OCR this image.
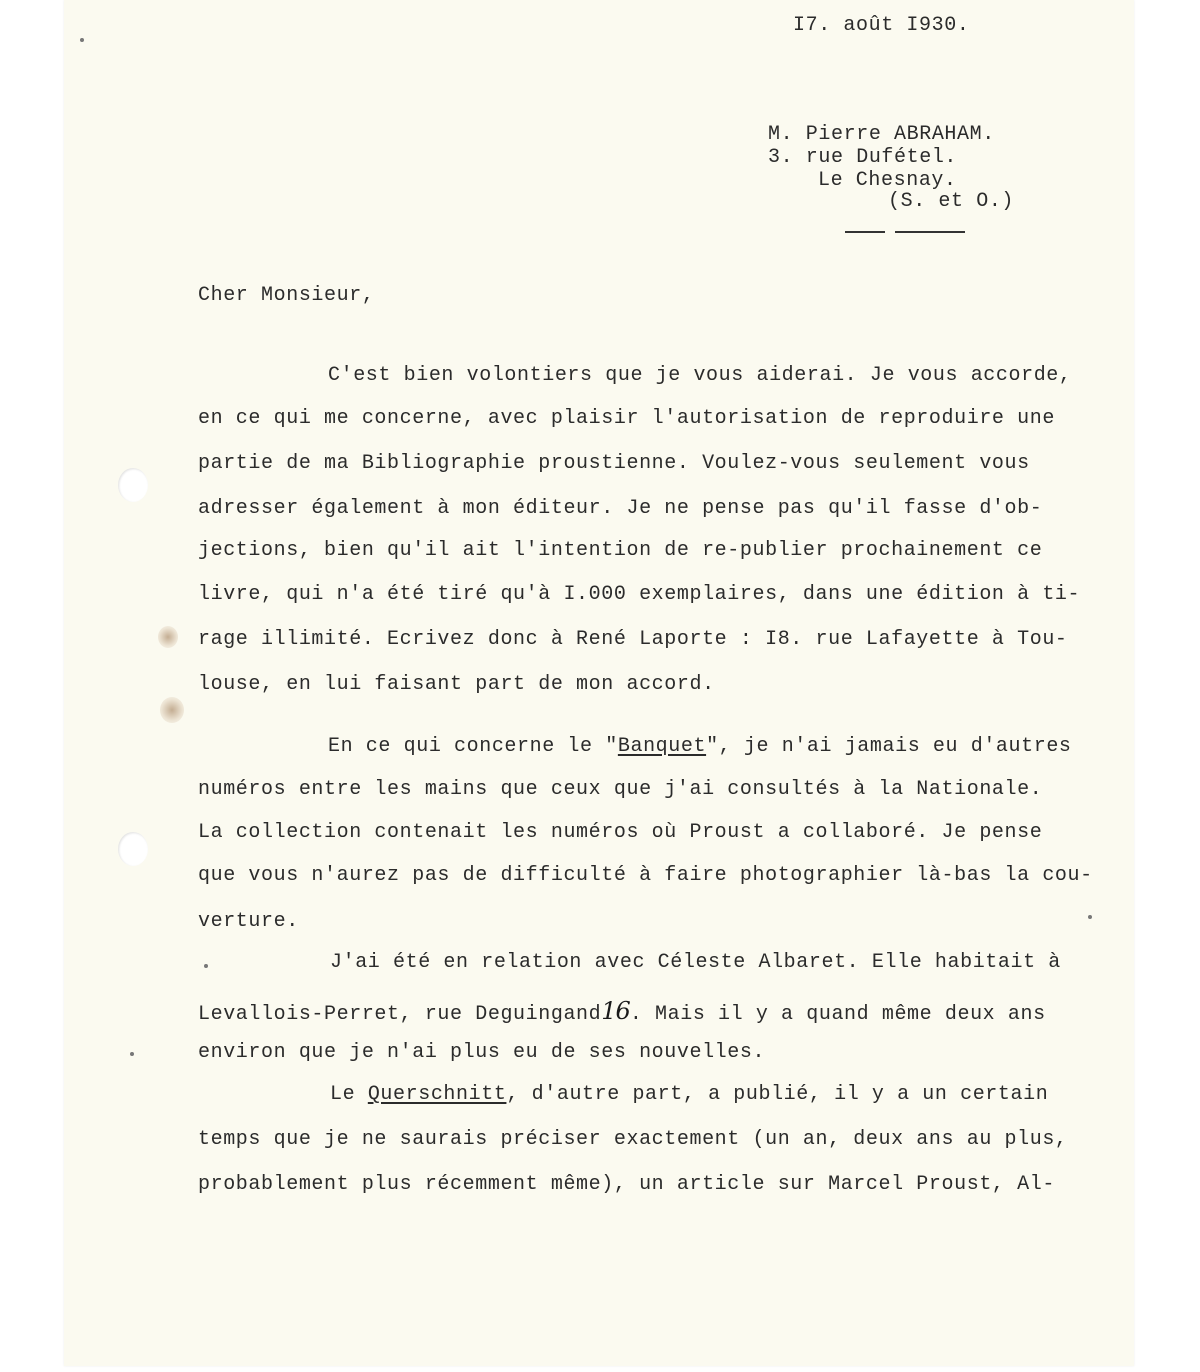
I7. août I930.
M. Pierre ABRAHAM.
3. rue Dufétel.
Le Chesnay.
(S. et O.)
Cher Monsieur,
C'est bien volontiers que je vous aiderai. Je vous accorde,
en ce qui me concerne, avec plaisir l'autorisation de reproduire une
partie de ma Bibliographie proustienne. Voulez-vous seulement vous
adresser également à mon éditeur. Je ne pense pas qu'il fasse d'ob-
jections, bien qu'il ait l'intention de re-publier prochainement ce
livre, qui n'a été tiré qu'à I.000 exemplaires, dans une édition à ti-
rage illimité. Ecrivez donc à René Laporte : I8. rue Lafayette à Tou-
louse, en lui faisant part de mon accord.
En ce qui concerne le "Banquet", je n'ai jamais eu d'autres
numéros entre les mains que ceux que j'ai consultés à la Nationale.
La collection contenait les numéros où Proust a collaboré. Je pense
que vous n'aurez pas de difficulté à faire photographier là-bas la cou-
verture.
J'ai été en relation avec Céleste Albaret. Elle habitait à
Levallois-Perret, rue Deguingand16. Mais il y a quand même deux ans
environ que je n'ai plus eu de ses nouvelles.
Le Querschnitt, d'autre part, a publié, il y a un certain
temps que je ne saurais préciser exactement (un an, deux ans au plus,
probablement plus récemment même), un article sur Marcel Proust, Al-
